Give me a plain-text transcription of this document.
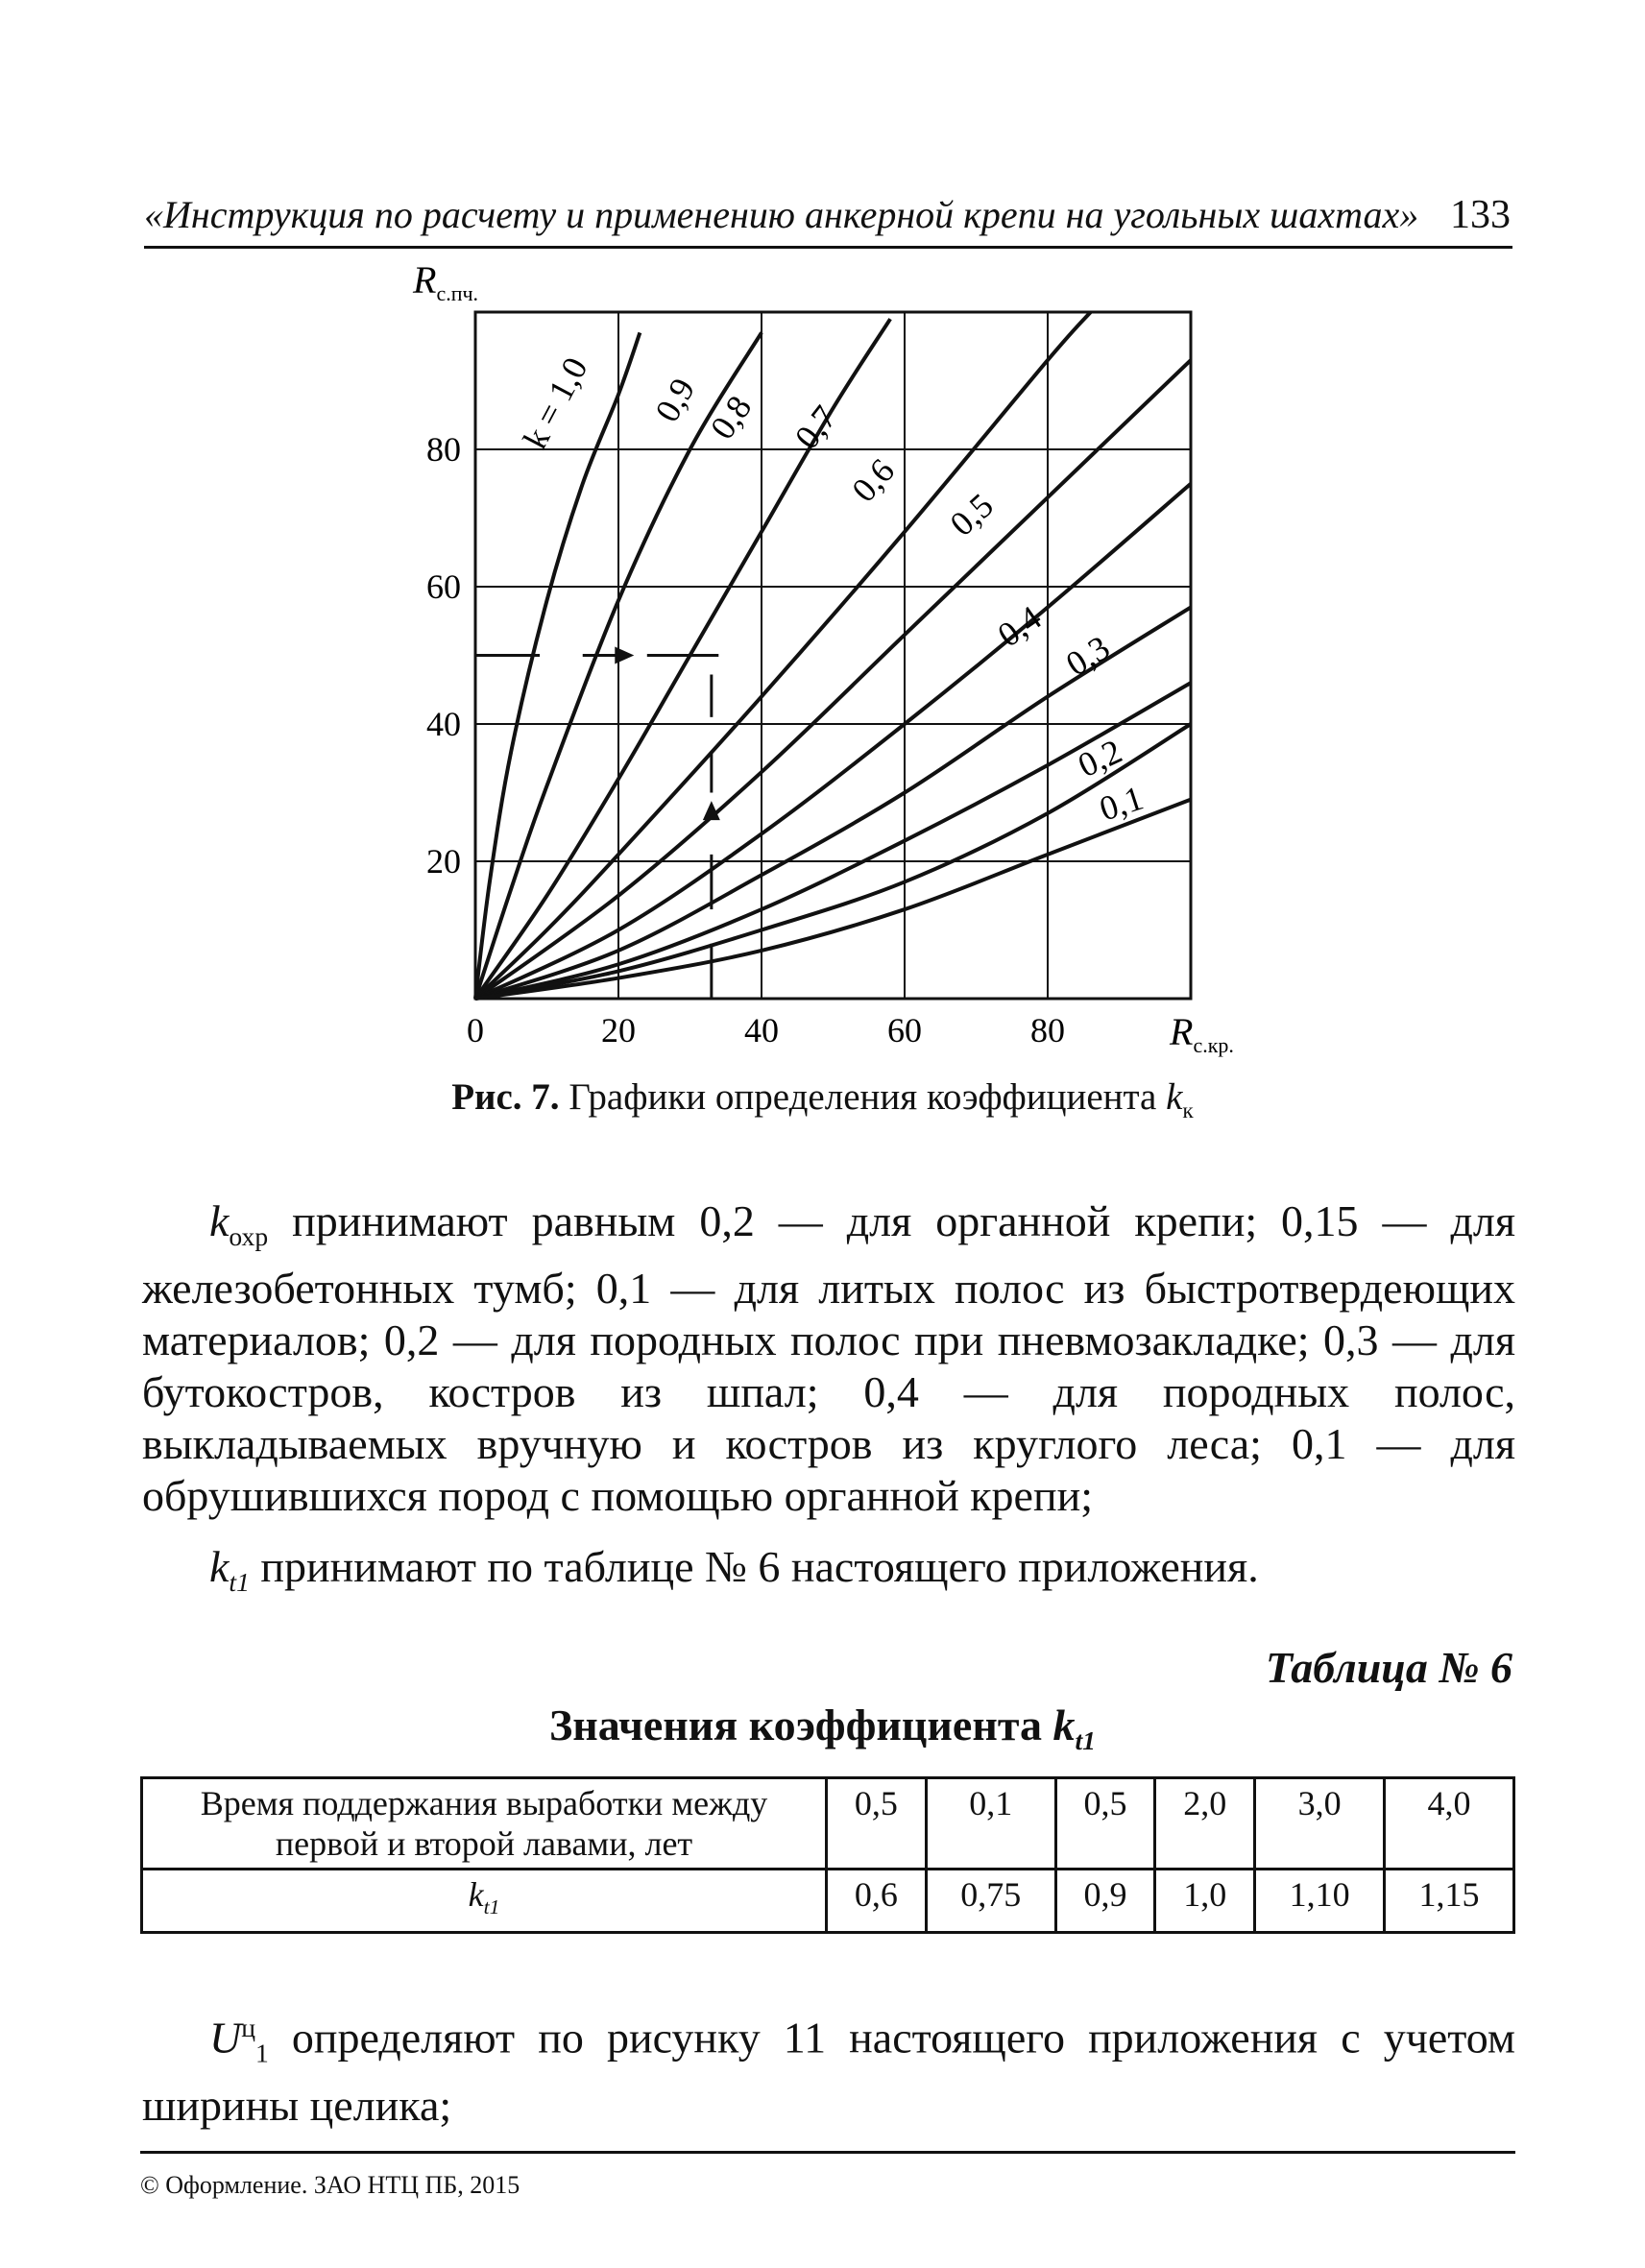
«Инструкция по расчету и применению анкерной крепи на угольных шахтах» 133
0	20	40	60	80
20
40
60
80 k = 1,0 0,9 0,8 0,7
0,6
0,5
0,4
0,3
0,2
0,1
$R_{с.пч.}$
$R_{с.кр.}$
Рис. 7. Графики определения коэффициента $k_к$

$k_{охр}$ принимают равным 0,2 — для органной крепи; 0,15 — для железобетонных тумб; 0,1 — для литых полос из быстротвердеющих материалов; 0,2 — для породных полос при пневмозакладке; 0,3 — для бутокостров, костров из шпал; 0,4 — для породных полос, выкладываемых вручную и костров из круглого леса; 0,1 — для обрушившихся пород с помощью органной крепи;

$k_{t1}$ принимают по таблице № 6 настоящего приложения.

Таблица № 6
Значения коэффициента $k_{t1}$
Время поддержания выработки между первой и второй лавами, лет	0,5	0,1	0,5	2,0	3,0	4,0
$k_{t1}$	0,6	0,75	0,9	1,0	1,10	1,15

$U^ц_1$ определяют по рисунку 11 настоящего приложения с учетом ширины целика;

© Оформление. ЗАО НТЦ ПБ, 2015
